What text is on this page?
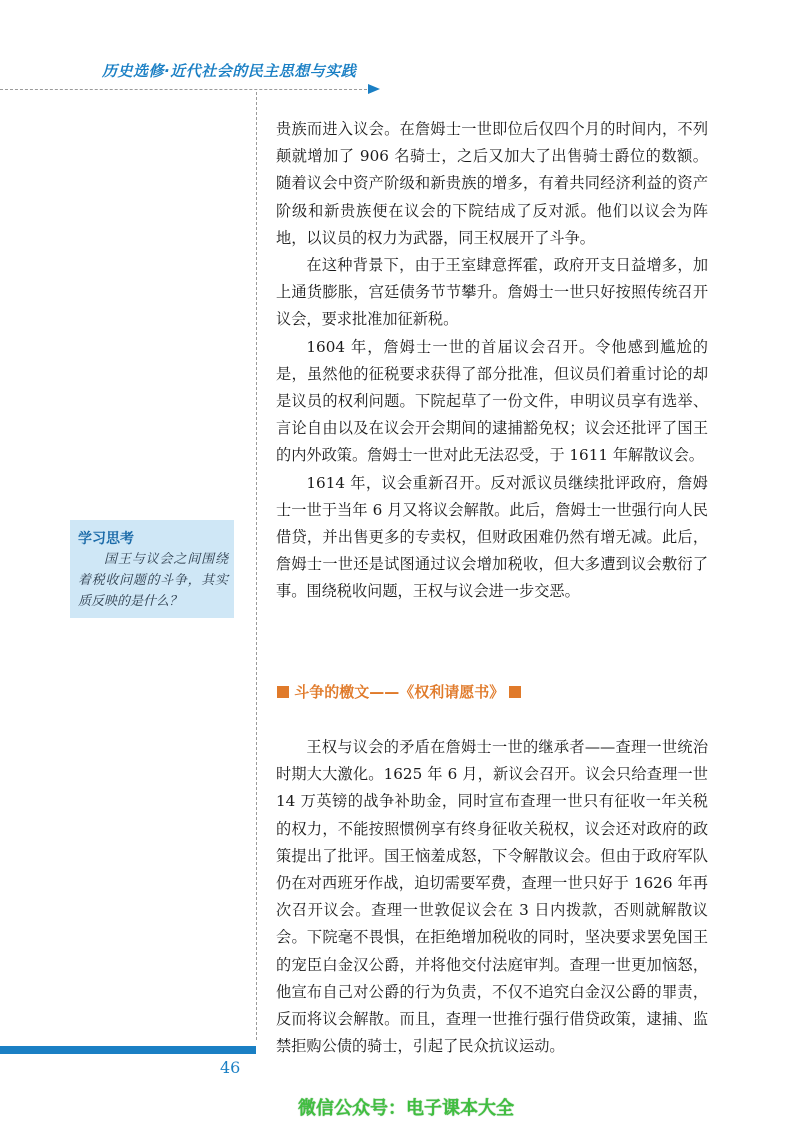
历史选修·近代社会的民主思想与实践

贵族而进入议会。在詹姆士一世即位后仅四个月的时间内，不列颠就增加了 906 名骑士，之后又加大了出售骑士爵位的数额。随着议会中资产阶级和新贵族的增多，有着共同经济利益的资产阶级和新贵族便在议会的下院结成了反对派。他们以议会为阵地，以议员的权力为武器，同王权展开了斗争。

在这种背景下，由于王室肆意挥霍，政府开支日益增多，加上通货膨胀，宫廷债务节节攀升。詹姆士一世只好按照传统召开议会，要求批准加征新税。

1604 年，詹姆士一世的首届议会召开。令他感到尴尬的是，虽然他的征税要求获得了部分批准，但议员们着重讨论的却是议员的权利问题。下院起草了一份文件，申明议员享有选举、言论自由以及在议会开会期间的逮捕豁免权；议会还批评了国王的内外政策。詹姆士一世对此无法忍受，于 1611 年解散议会。

1614 年，议会重新召开。反对派议员继续批评政府，詹姆士一世于当年 6 月又将议会解散。此后，詹姆士一世强行向人民借贷，并出售更多的专卖权，但财政困难仍然有增无减。此后，詹姆士一世还是试图通过议会增加税收，但大多遭到议会敷衍了事。围绕税收问题，王权与议会进一步交恶。

学习思考

国王与议会之间围绕着税收问题的斗争，其实质反映的是什么？

斗争的檄文——《权利请愿书》

王权与议会的矛盾在詹姆士一世的继承者——查理一世统治时期大大激化。1625 年 6 月，新议会召开。议会只给查理一世 14 万英镑的战争补助金，同时宣布查理一世只有征收一年关税的权力，不能按照惯例享有终身征收关税权，议会还对政府的政策提出了批评。国王恼羞成怒，下令解散议会。但由于政府军队仍在对西班牙作战，迫切需要军费，查理一世只好于 1626 年再次召开议会。查理一世敦促议会在 3 日内拨款，否则就解散议会。下院毫不畏惧，在拒绝增加税收的同时，坚决要求罢免国王的宠臣白金汉公爵，并将他交付法庭审判。查理一世更加恼怒，他宣布自己对公爵的行为负责，不仅不追究白金汉公爵的罪责，反而将议会解散。而且，查理一世推行强行借贷政策，逮捕、监禁拒购公债的骑士，引起了民众抗议运动。

46
微信公众号：电子课本大全
